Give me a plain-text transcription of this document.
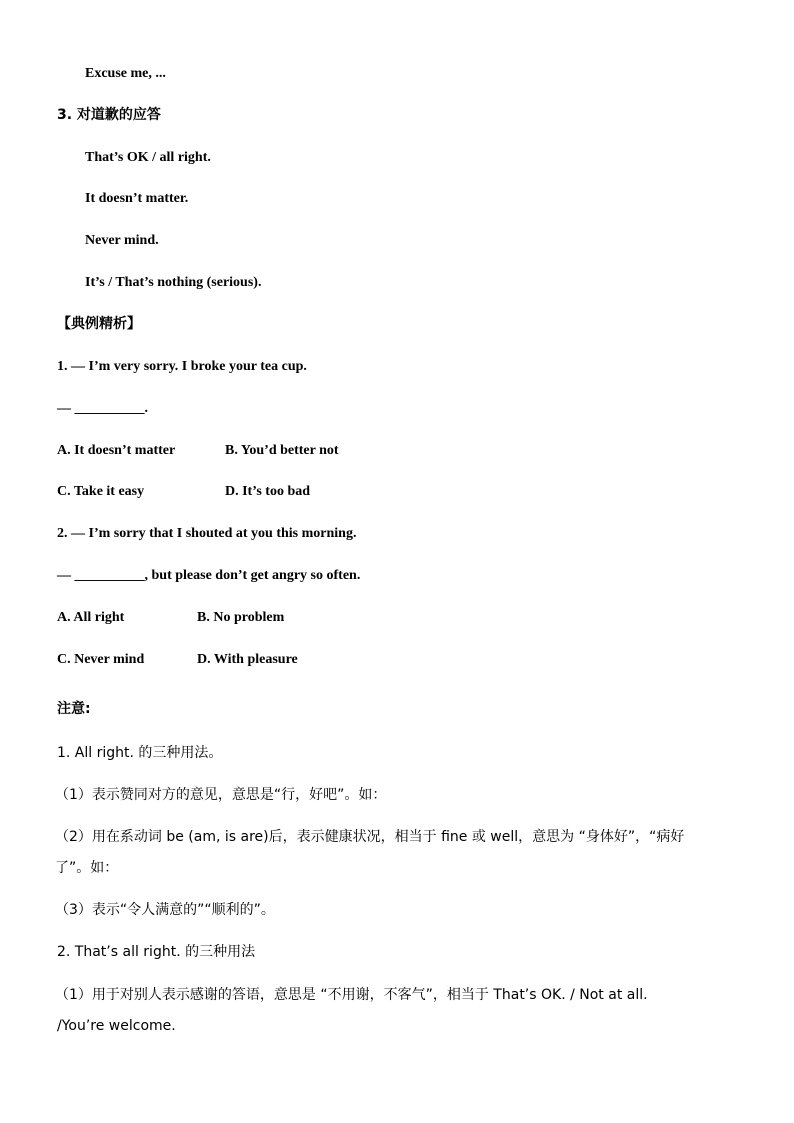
Excuse me, ...
3. 对道歉的应答
That’s OK / all right.
It doesn’t matter.
Never mind.
It’s / That’s nothing (serious).
【典例精析】
1. — I’m very sorry. I broke your tea cup.
— __________.
A. It doesn’t matter	B. You’d better not
C. Take it easy	D. It’s too bad
2. — I’m sorry that I shouted at you this morning.
— __________, but please don’t get angry so often.
A. All right	B. No problem
C. Never mind	D. With pleasure
注意:
1. All right. 的三种用法。
（1）表示赞同对方的意见，意思是“行，好吧”。如：
（2）用在系动词 be (am, is are)后，表示健康状况，相当于 fine 或 well，意思为 “身体好”，“病好
了”。如：
（3）表示“令人满意的”“顺利的”。
2. That’s all right. 的三种用法
（1）用于对别人表示感谢的答语，意思是 “不用谢，不客气”，相当于 That’s OK. / Not at all.
/You’re welcome.
